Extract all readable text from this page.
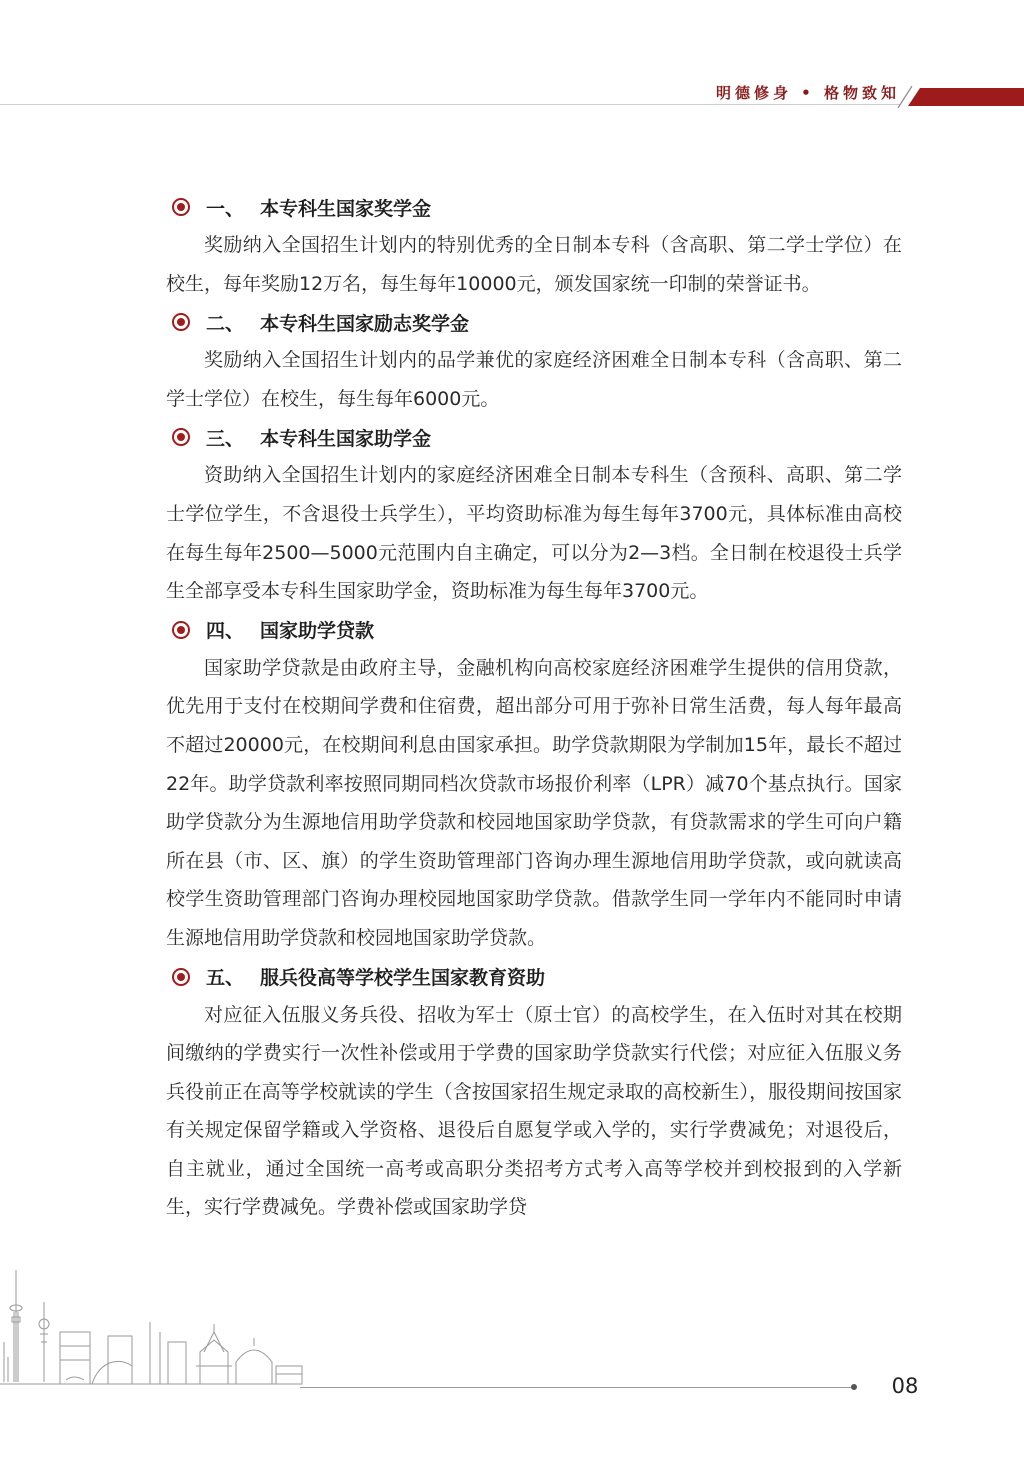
明德修身 • 格物致知
一、 本专科生国家奖学金

奖励纳入全国招生计划内的特别优秀的全日制本专科（含高职、第二学士学位）在校生，每年奖励12万名，每生每年10000元，颁发国家统一印制的荣誉证书。

二、 本专科生国家励志奖学金

奖励纳入全国招生计划内的品学兼优的家庭经济困难全日制本专科（含高职、第二学士学位）在校生，每生每年6000元。

三、 本专科生国家助学金

资助纳入全国招生计划内的家庭经济困难全日制本专科生（含预科、高职、第二学士学位学生，不含退役士兵学生），平均资助标准为每生每年3700元，具体标准由高校在每生每年2500—5000元范围内自主确定，可以分为2—3档。全日制在校退役士兵学生全部享受本专科生国家助学金，资助标准为每生每年3700元。

四、 国家助学贷款

国家助学贷款是由政府主导，金融机构向高校家庭经济困难学生提供的信用贷款，优先用于支付在校期间学费和住宿费，超出部分可用于弥补日常生活费，每人每年最高不超过20000元，在校期间利息由国家承担。助学贷款期限为学制加15年，最长不超过22年。助学贷款利率按照同期同档次贷款市场报价利率（LPR）减70个基点执行。国家助学贷款分为生源地信用助学贷款和校园地国家助学贷款，有贷款需求的学生可向户籍所在县（市、区、旗）的学生资助管理部门咨询办理生源地信用助学贷款，或向就读高校学生资助管理部门咨询办理校园地国家助学贷款。借款学生同一学年内不能同时申请生源地信用助学贷款和校园地国家助学贷款。

五、 服兵役高等学校学生国家教育资助

对应征入伍服义务兵役、招收为军士（原士官）的高校学生，在入伍时对其在校期间缴纳的学费实行一次性补偿或用于学费的国家助学贷款实行代偿；对应征入伍服义务兵役前正在高等学校就读的学生（含按国家招生规定录取的高校新生），服役期间按国家有关规定保留学籍或入学资格、退役后自愿复学或入学的，实行学费减免；对退役后，自主就业，通过全国统一高考或高职分类招考方式考入高等学校并到校报到的入学新生，实行学费减免。学费补偿或国家助学贷

08
